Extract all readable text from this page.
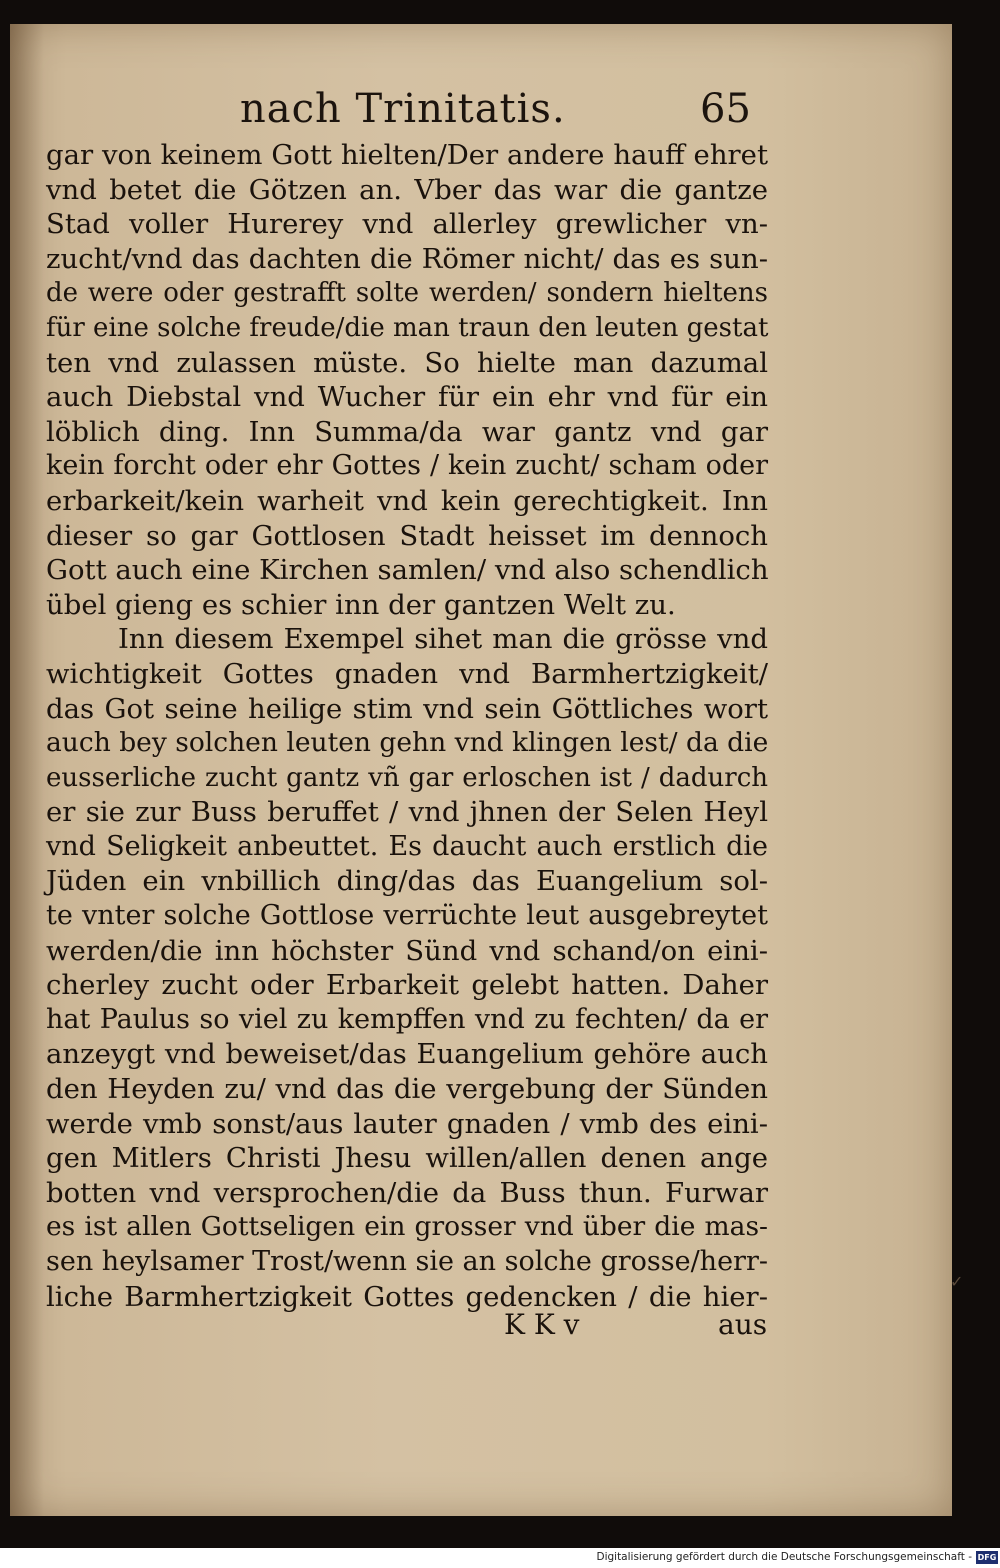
nach Trinitatis.	65
gar von keinem Gott hielten/Der andere hauff ehret
vnd betet die Götzen an. Vber das war die gantze
Stad voller Hurerey vnd allerley grewlicher vn-
zucht/vnd das dachten die Römer nicht/ das es sun-
de were oder gestrafft solte werden/ sondern hieltens
für eine solche freude/die man traun den leuten gestat
ten vnd zulassen müste. So hielte man dazumal
auch Diebstal vnd Wucher für ein ehr vnd für ein
löblich ding. Inn Summa/da war gantz vnd gar
kein forcht oder ehr Gottes / kein zucht/ scham oder
erbarkeit/kein warheit vnd kein gerechtigkeit. Inn
dieser so gar Gottlosen Stadt heisset im dennoch
Gott auch eine Kirchen samlen/ vnd also schendlich
übel gieng es schier inn der gantzen Welt zu.
Inn diesem Exempel sihet man die grösse vnd
wichtigkeit Gottes gnaden vnd Barmhertzigkeit/
das Got seine heilige stim vnd sein Göttliches wort
auch bey solchen leuten gehn vnd klingen lest/ da die
eusserliche zucht gantz vñ gar erloschen ist / dadurch
er sie zur Buss beruffet / vnd jhnen der Selen Heyl
vnd Seligkeit anbeuttet. Es daucht auch erstlich die
Jüden ein vnbillich ding/das das Euangelium sol-
te vnter solche Gottlose verrüchte leut ausgebreytet
werden/die inn höchster Sünd vnd schand/on eini-
cherley zucht oder Erbarkeit gelebt hatten. Daher
hat Paulus so viel zu kempffen vnd zu fechten/ da er
anzeygt vnd beweiset/das Euangelium gehöre auch
den Heyden zu/ vnd das die vergebung der Sünden
werde vmb sonst/aus lauter gnaden / vmb des eini-
gen Mitlers Christi Jhesu willen/allen denen ange
botten vnd versprochen/die da Buss thun. Furwar
es ist allen Gottseligen ein grosser vnd über die mas-
sen heylsamer Trost/wenn sie an solche grosse/herr-
liche Barmhertzigkeit Gottes gedencken / die hier-
K K v	aus
✓
Digitalisierung gefördert durch die Deutsche Forschungsgemeinschaft - DFG
